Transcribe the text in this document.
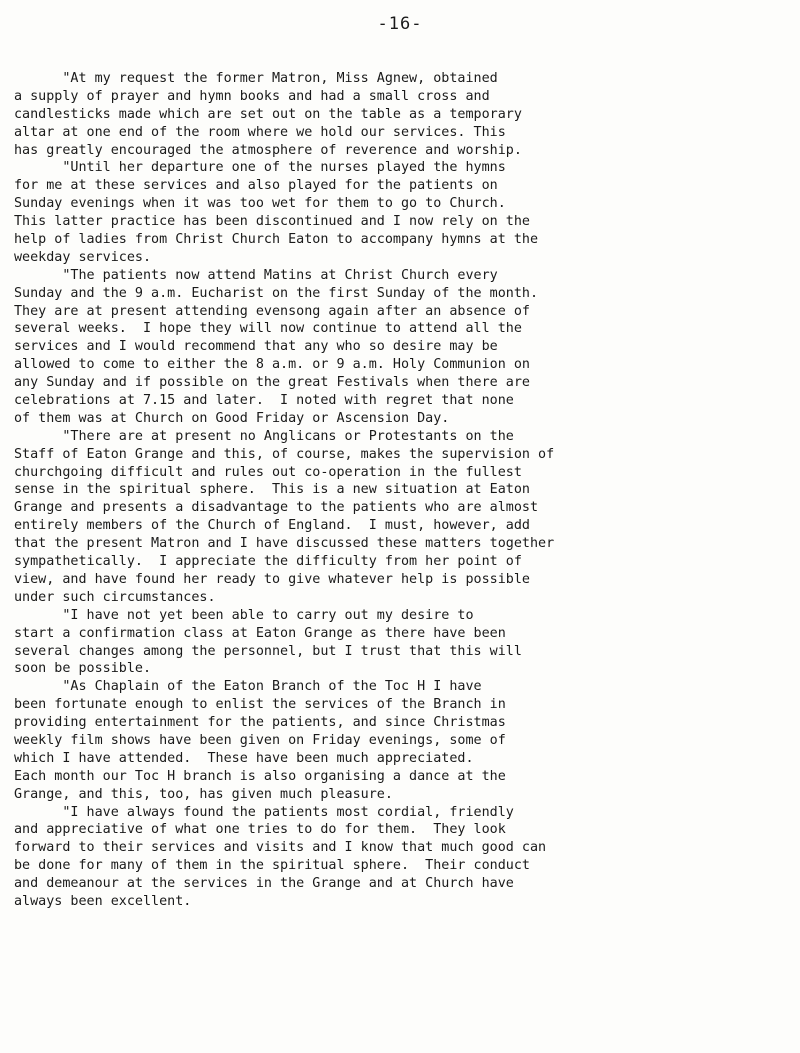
-16-
"At my request the former Matron, Miss Agnew, obtained
a supply of prayer and hymn books and had a small cross and
candlesticks made which are set out on the table as a temporary
altar at one end of the room where we hold our services. This
has greatly encouraged the atmosphere of reverence and worship.
"Until her departure one of the nurses played the hymns
for me at these services and also played for the patients on
Sunday evenings when it was too wet for them to go to Church.
This latter practice has been discontinued and I now rely on the
help of ladies from Christ Church Eaton to accompany hymns at the
weekday services.
"The patients now attend Matins at Christ Church every
Sunday and the 9 a.m. Eucharist on the first Sunday of the month.
They are at present attending evensong again after an absence of
several weeks.  I hope they will now continue to attend all the
services and I would recommend that any who so desire may be
allowed to come to either the 8 a.m. or 9 a.m. Holy Communion on
any Sunday and if possible on the great Festivals when there are
celebrations at 7.15 and later.  I noted with regret that none
of them was at Church on Good Friday or Ascension Day.
"There are at present no Anglicans or Protestants on the
Staff of Eaton Grange and this, of course, makes the supervision of
churchgoing difficult and rules out co-operation in the fullest
sense in the spiritual sphere.  This is a new situation at Eaton
Grange and presents a disadvantage to the patients who are almost
entirely members of the Church of England.  I must, however, add
that the present Matron and I have discussed these matters together
sympathetically.  I appreciate the difficulty from her point of
view, and have found her ready to give whatever help is possible
under such circumstances.
"I have not yet been able to carry out my desire to
start a confirmation class at Eaton Grange as there have been
several changes among the personnel, but I trust that this will
soon be possible.
"As Chaplain of the Eaton Branch of the Toc H I have
been fortunate enough to enlist the services of the Branch in
providing entertainment for the patients, and since Christmas
weekly film shows have been given on Friday evenings, some of
which I have attended.  These have been much appreciated.
Each month our Toc H branch is also organising a dance at the
Grange, and this, too, has given much pleasure.
"I have always found the patients most cordial, friendly
and appreciative of what one tries to do for them.  They look
forward to their services and visits and I know that much good can
be done for many of them in the spiritual sphere.  Their conduct
and demeanour at the services in the Grange and at Church have
always been excellent.
